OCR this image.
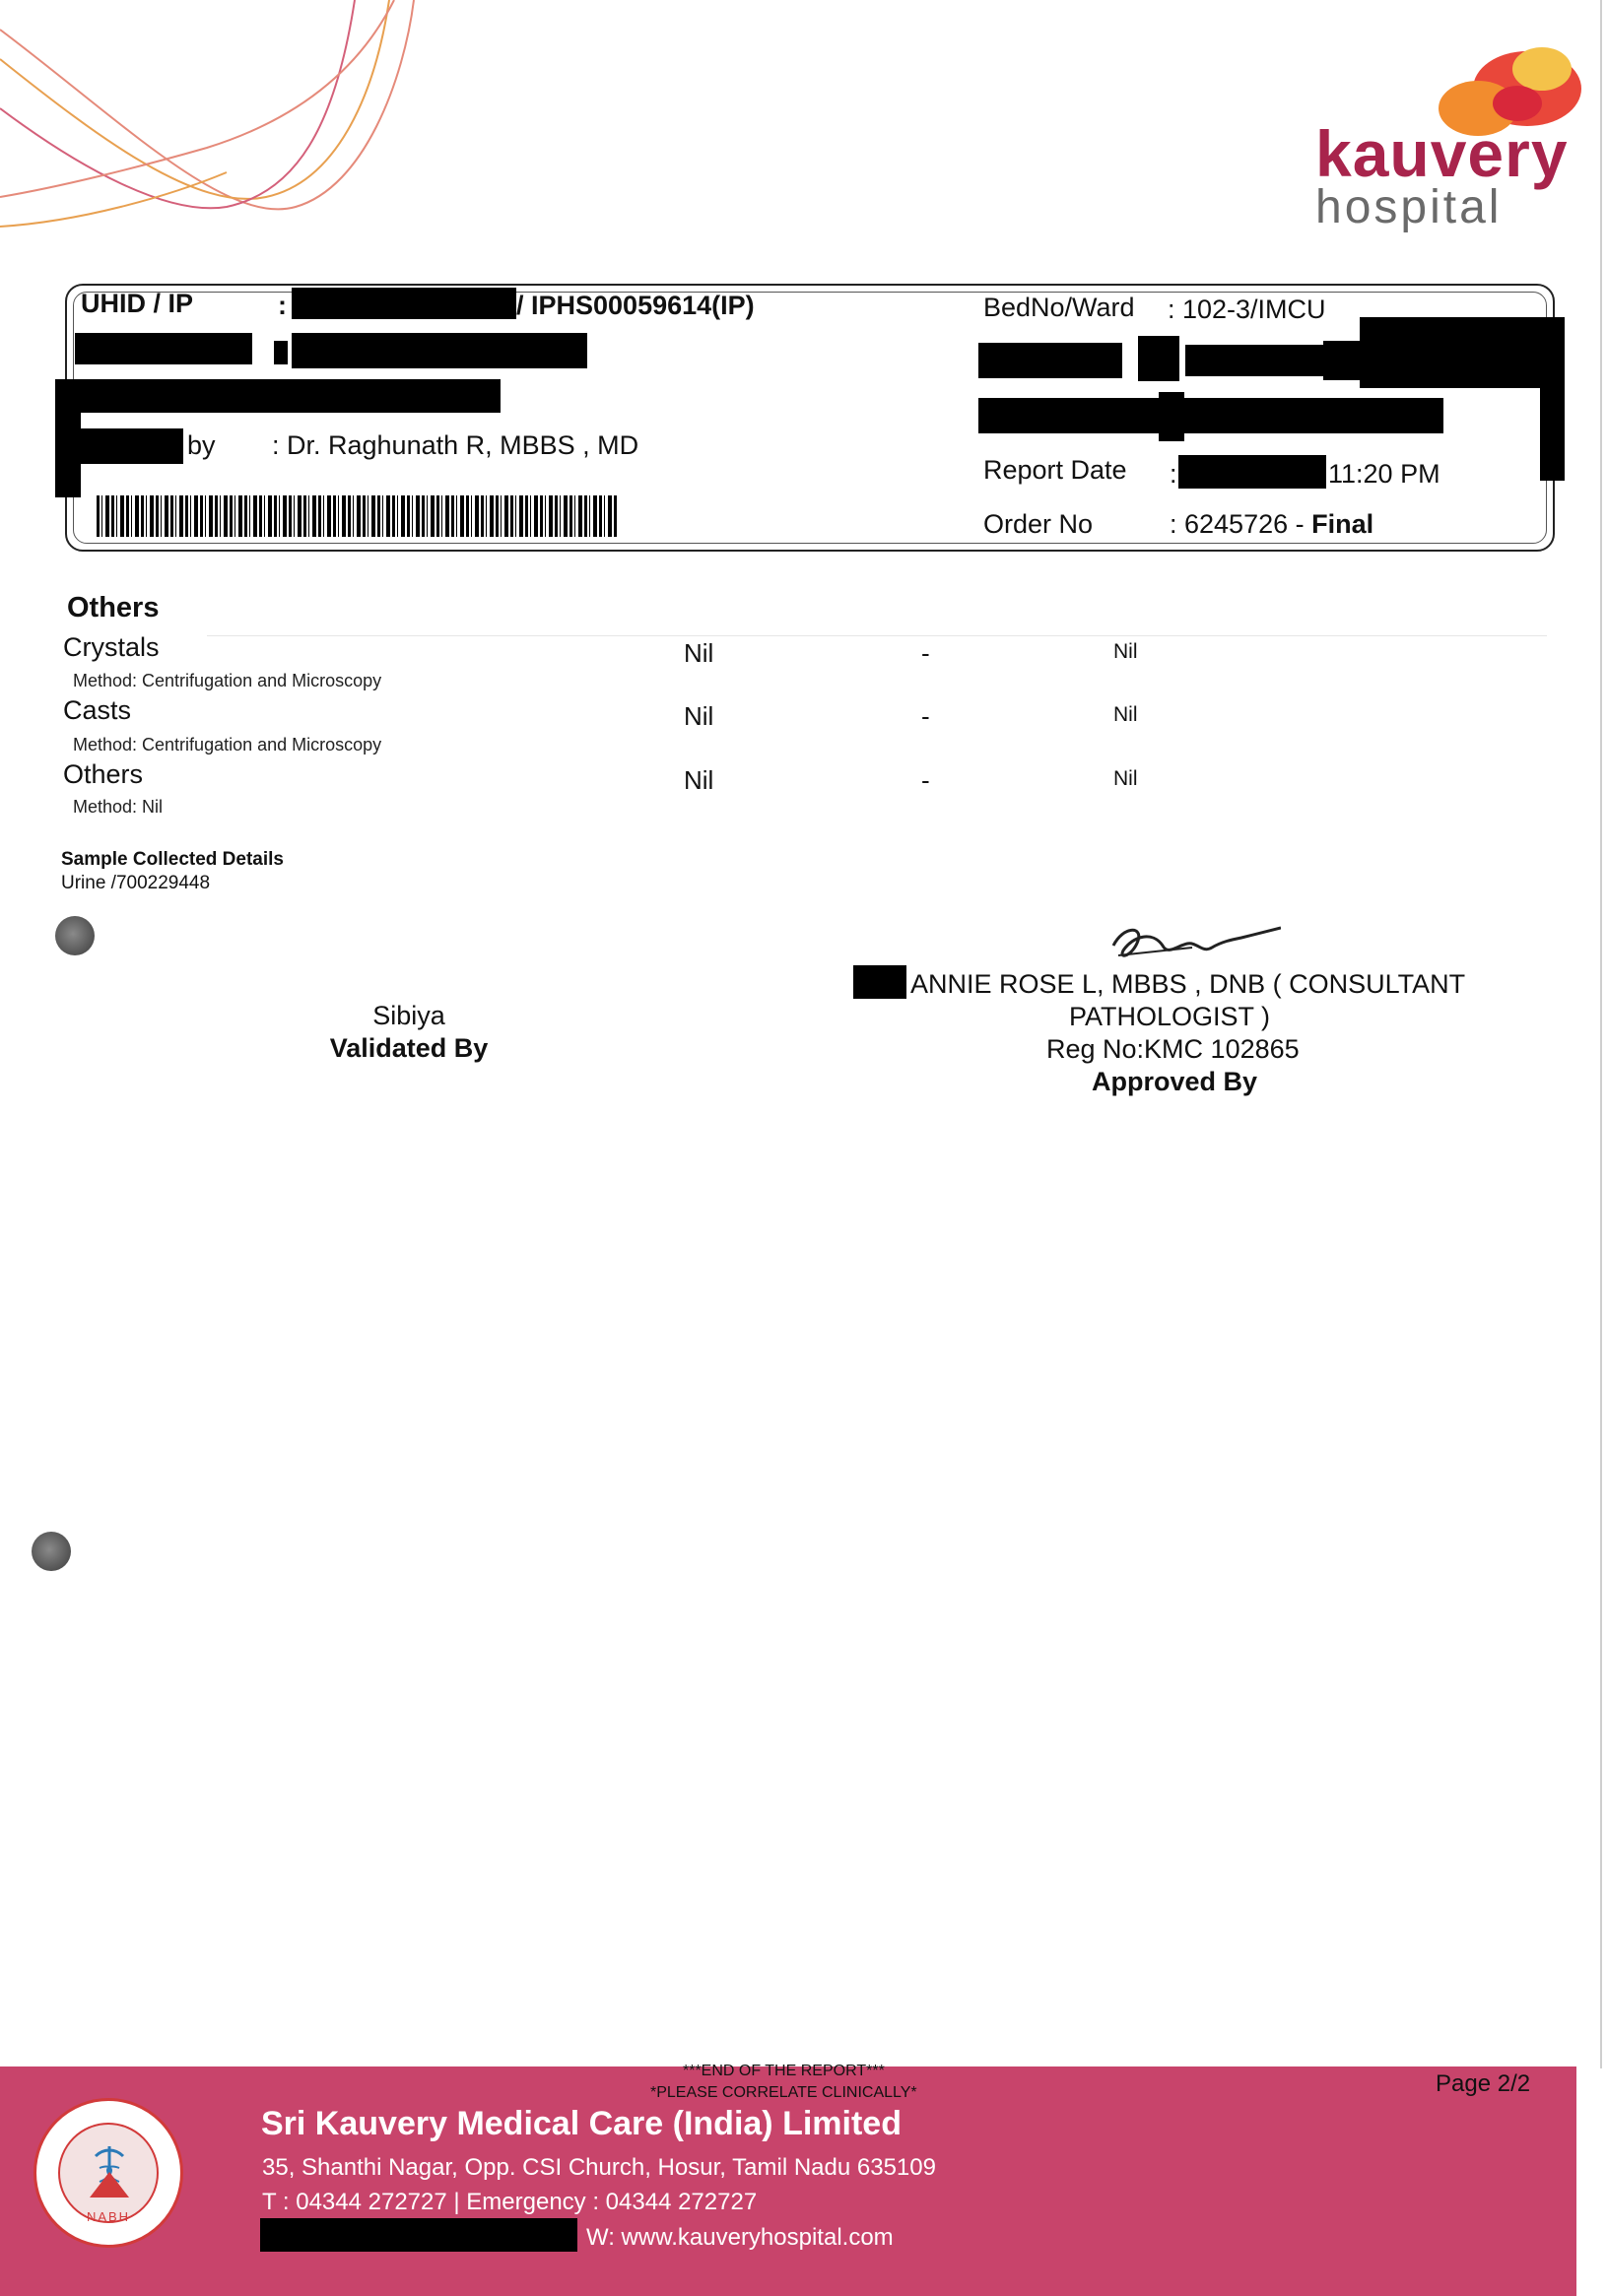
kauvery
hospital
UHID / IP	:	/ IPHS00059614(IP)
by : Dr. Raghunath R, MBBS , MD
BedNo/Ward : 102-3/IMCU
Report Date :	11:20 PM
Order No	: 6245726 - Final
Others
Crystals
Method: Centrifugation and Microscopy
Nil	-	Nil
Casts
Method: Centrifugation and Microscopy
Nil	-	Nil
Others
Method: Nil
Nil	-	Nil
Sample Collected Details
Urine /700229448
Sibiya
Validated By
ANNIE ROSE L, MBBS , DNB ( CONSULTANT
PATHOLOGIST )
Reg No:KMC 102865
Approved By
***END OF THE REPORT***
*PLEASE CORRELATE CLINICALLY*	Page 2/2
NABH
Sri Kauvery Medical Care (India) Limited
35, Shanthi Nagar, Opp. CSI Church, Hosur, Tamil Nadu 635109
T : 04344 272727 | Emergency : 04344 272727
W: www.kauveryhospital.com
